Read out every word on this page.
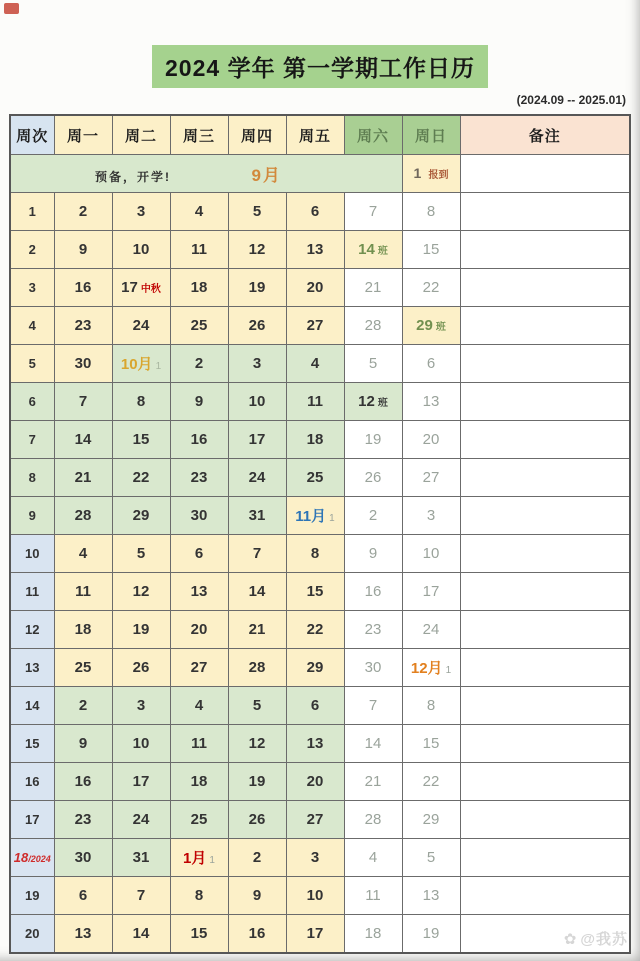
2024 学年 第一学期工作日历
(2024.09 -- 2025.01)
周次	周一	周二	周三	周四	周五	周六	周日	备注
预备，开学! 9月							1 报到	
1	2	3	4	5	6	7	8	
2	9	10	11	12	13	14 班	15	
3	16	17 中秋	18	19	20	21	22	
4	23	24	25	26	27	28	29 班	
5	30	10月 1	2	3	4	5	6	
6	7	8	9	10	11	12 班	13	
7	14	15	16	17	18	19	20	
8	21	22	23	24	25	26	27	
9	28	29	30	31	11月 1	2	3	
10	4	5	6	7	8	9	10	
11	11	12	13	14	15	16	17	
12	18	19	20	21	22	23	24	
13	25	26	27	28	29	30	12月 1	
14	2	3	4	5	6	7	8	
15	9	10	11	12	13	14	15	
16	16	17	18	19	20	21	22	
17	23	24	25	26	27	28	29	
18/2024	30	31	1月 1	2	3	4	5	
19	6	7	8	9	10	11	13	
20	13	14	15	16	17	18	19		✿ @我苏
